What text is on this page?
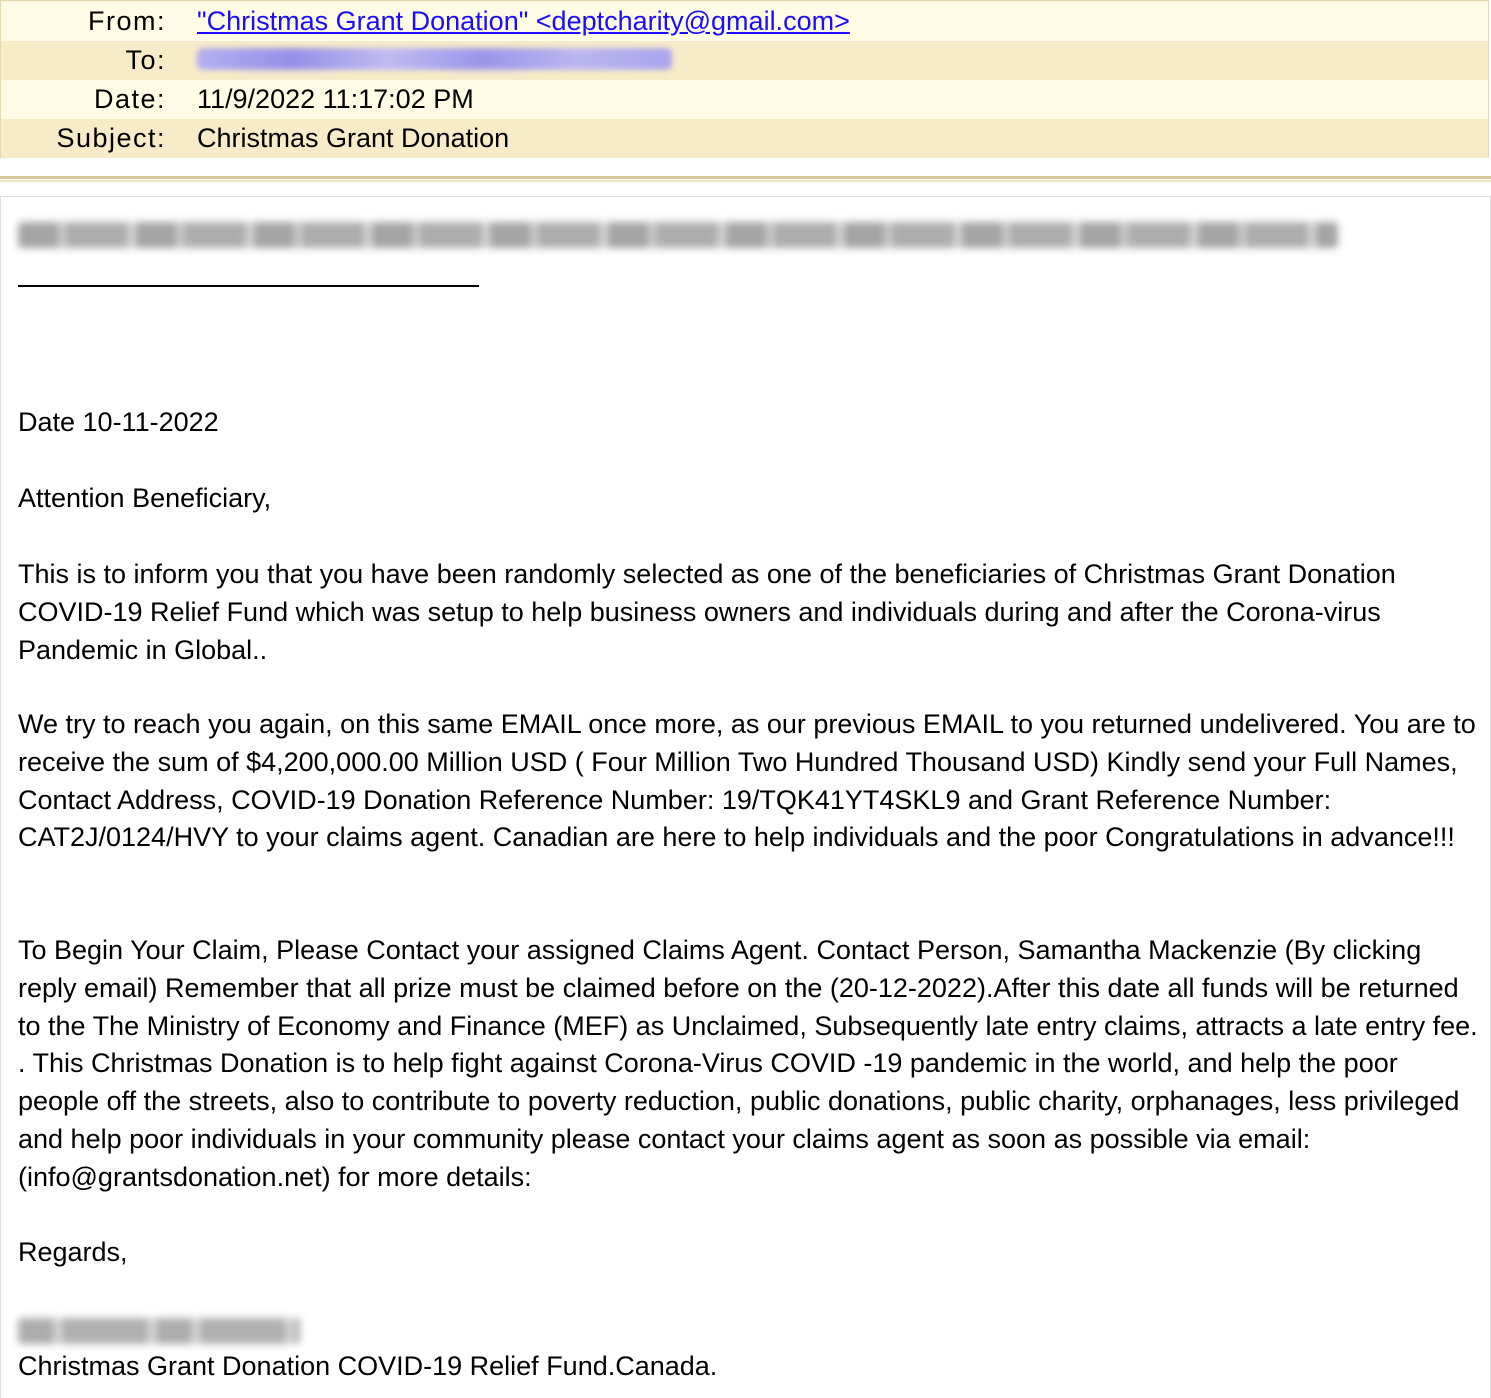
From: "Christmas Grant Donation" <deptcharity@gmail.com>
To:
Date: 11/9/2022 11:17:02 PM
Subject: Christmas Grant Donation

Date 10-11-2022

Attention Beneficiary,

This is to inform you that you have been randomly selected as one of the beneficiaries of Christmas Grant Donation COVID-19 Relief Fund which was setup to help business owners and individuals during and after the Corona-virus Pandemic in Global..

We try to reach you again, on this same EMAIL once more, as our previous EMAIL to you returned undelivered. You are to receive the sum of $4,200,000.00 Million USD ( Four Million Two Hundred Thousand USD) Kindly send your Full Names, Contact Address, COVID-19 Donation Reference Number: 19/TQK41YT4SKL9 and Grant Reference Number: CAT2J/0124/HVY to your claims agent. Canadian are here to help individuals and the poor Congratulations in advance!!!

To Begin Your Claim, Please Contact your assigned Claims Agent. Contact Person, Samantha Mackenzie (By clicking reply email) Remember that all prize must be claimed before on the (20-12-2022).After this date all funds will be returned to the The Ministry of Economy and Finance (MEF) as Unclaimed, Subsequently late entry claims, attracts a late entry fee. . This Christmas Donation is to help fight against Corona-Virus COVID -19 pandemic in the world, and help the poor people off the streets, also to contribute to poverty reduction, public donations, public charity, orphanages, less privileged and help poor individuals in your community please contact your claims agent as soon as possible via email: (info@grantsdonation.net) for more details:

Regards,

Christmas Grant Donation COVID-19 Relief Fund.Canada.
